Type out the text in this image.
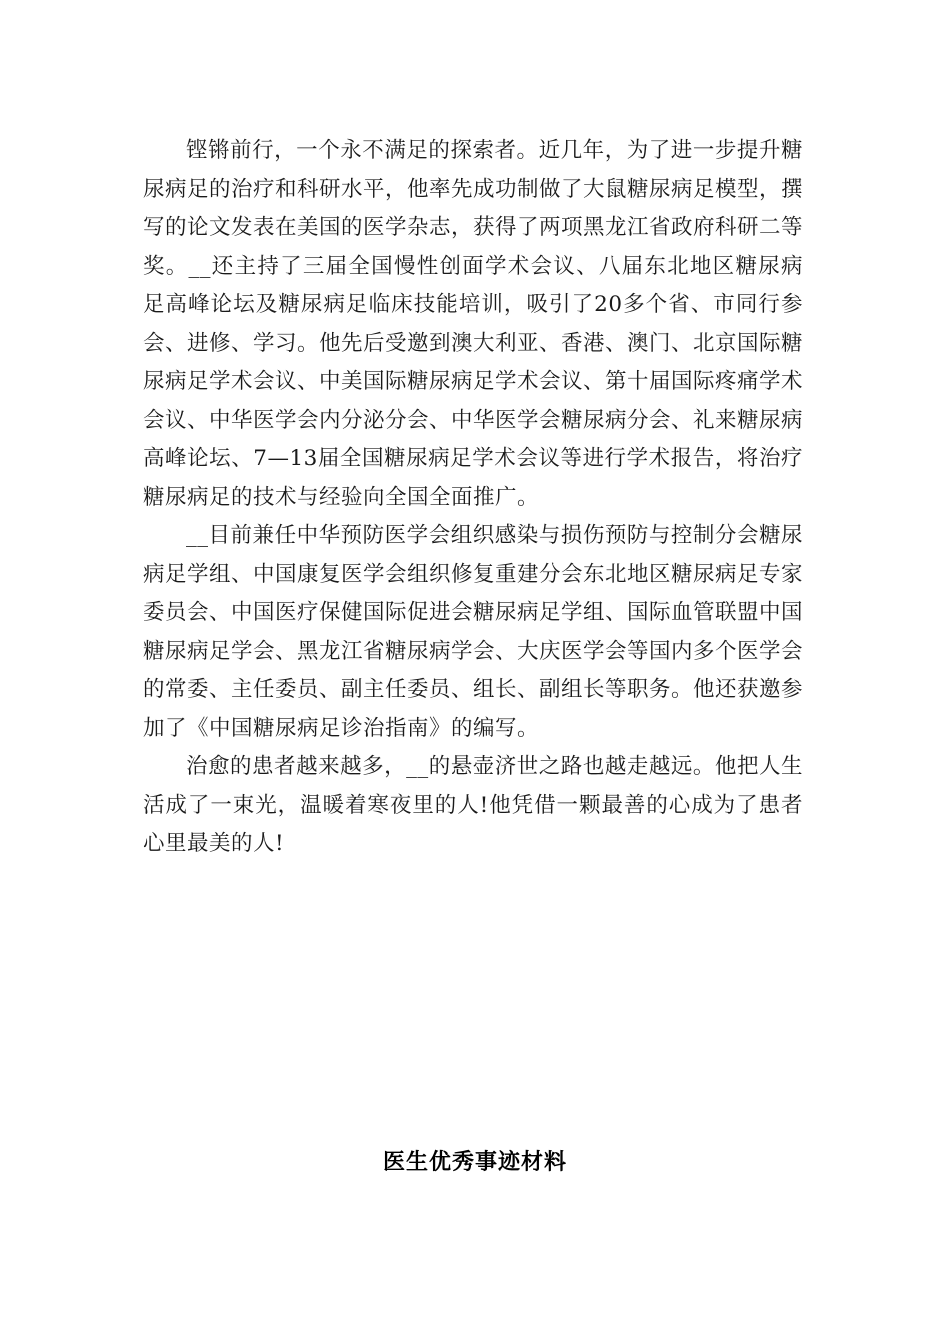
铿锵前行，一个永不满足的探索者。近几年，为了进一步提升糖尿病足的治疗和科研水平，他率先成功制做了大鼠糖尿病足模型，撰写的论文发表在美国的医学杂志，获得了两项黑龙江省政府科研二等奖。__还主持了三届全国慢性创面学术会议、八届东北地区糖尿病足高峰论坛及糖尿病足临床技能培训，吸引了20多个省、市同行参会、进修、学习。他先后受邀到澳大利亚、香港、澳门、北京国际糖尿病足学术会议、中美国际糖尿病足学术会议、第十届国际疼痛学术会议、中华医学会内分泌分会、中华医学会糖尿病分会、礼来糖尿病高峰论坛、7—13届全国糖尿病足学术会议等进行学术报告，将治疗糖尿病足的技术与经验向全国全面推广。

__目前兼任中华预防医学会组织感染与损伤预防与控制分会糖尿病足学组、中国康复医学会组织修复重建分会东北地区糖尿病足专家委员会、中国医疗保健国际促进会糖尿病足学组、国际血管联盟中国糖尿病足学会、黑龙江省糖尿病学会、大庆医学会等国内多个医学会的常委、主任委员、副主任委员、组长、副组长等职务。他还获邀参加了《中国糖尿病足诊治指南》的编写。

治愈的患者越来越多，__的悬壶济世之路也越走越远。他把人生活成了一束光，温暖着寒夜里的人!他凭借一颗最善的心成为了患者心里最美的人!

医生优秀事迹材料
